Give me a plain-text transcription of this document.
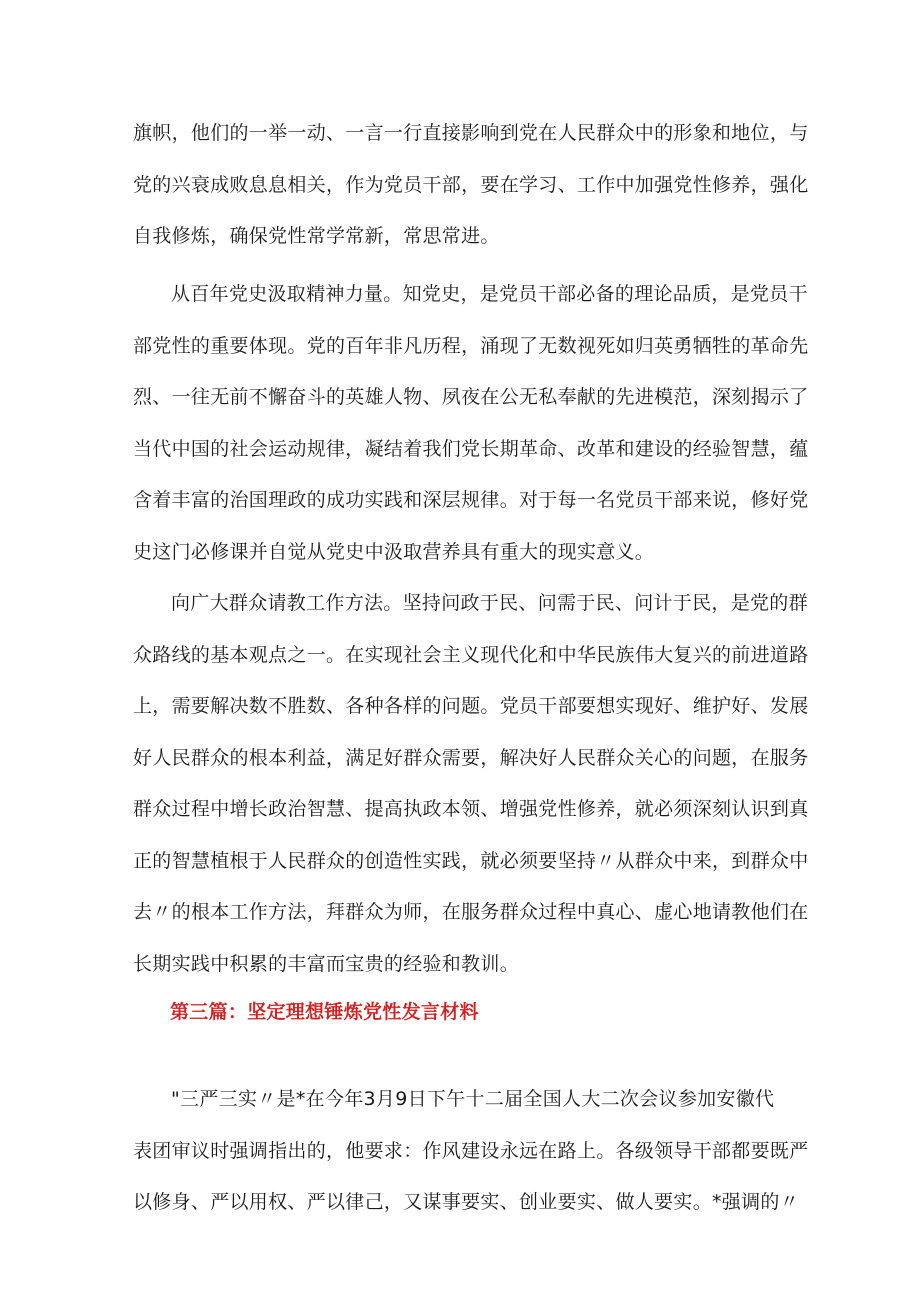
旗帜，他们的一举一动、一言一行直接影响到党在人民群众中的形象和地位，与
党的兴衰成败息息相关，作为党员干部，要在学习、工作中加强党性修养，强化
自我修炼，确保党性常学常新，常思常进。
从百年党史汲取精神力量。知党史，是党员干部必备的理论品质，是党员干
部党性的重要体现。党的百年非凡历程，涌现了无数视死如归英勇牺牲的革命先
烈、一往无前不懈奋斗的英雄人物、夙夜在公无私奉献的先进模范，深刻揭示了
当代中国的社会运动规律，凝结着我们党长期革命、改革和建设的经验智慧，蕴
含着丰富的治国理政的成功实践和深层规律。对于每一名党员干部来说，修好党
史这门必修课并自觉从党史中汲取营养具有重大的现实意义。
向广大群众请教工作方法。坚持问政于民、问需于民、问计于民，是党的群
众路线的基本观点之一。在实现社会主义现代化和中华民族伟大复兴的前进道路
上，需要解决数不胜数、各种各样的问题。党员干部要想实现好、维护好、发展
好人民群众的根本利益，满足好群众需要，解决好人民群众关心的问题，在服务
群众过程中增长政治智慧、提高执政本领、增强党性修养，就必须深刻认识到真
正的智慧植根于人民群众的创造性实践，就必须要坚持〃从群众中来，到群众中
去〃的根本工作方法，拜群众为师，在服务群众过程中真心、虚心地请教他们在
长期实践中积累的丰富而宝贵的经验和教训。
第三篇：坚定理想锤炼党性发言材料
"三严三实〃是*在今年3月9日下午十二届全国人大二次会议参加安徽代
表团审议时强调指出的，他要求：作风建设永远在路上。各级领导干部都要既严
以修身、严以用权、严以律己，又谋事要实、创业要实、做人要实。*强调的〃
